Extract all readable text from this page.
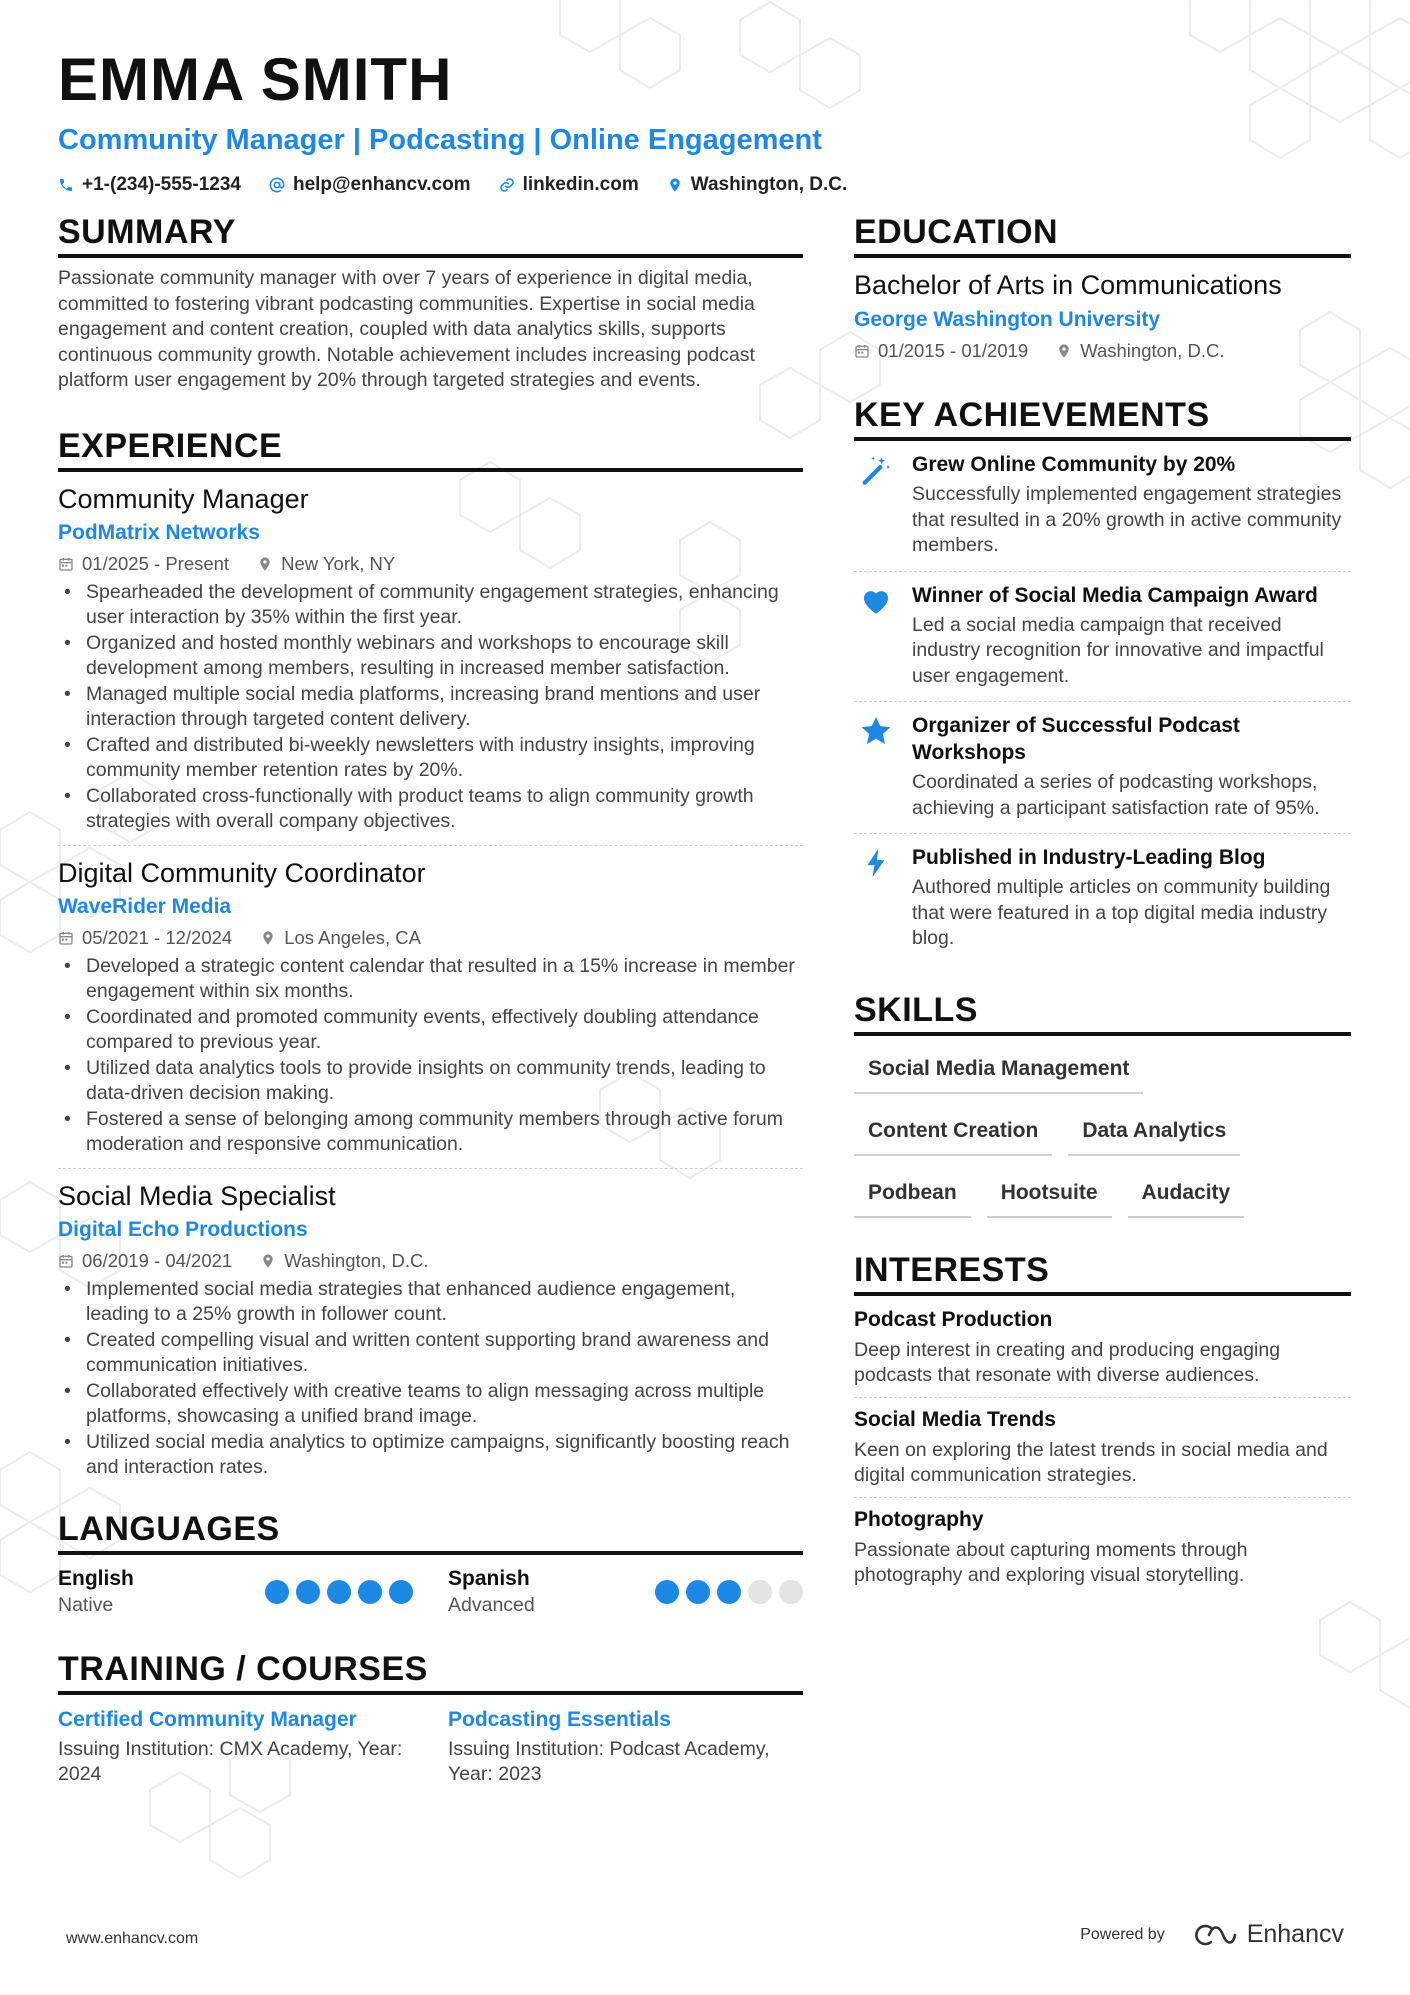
EMMA SMITH
Community Manager | Podcasting | Online Engagement
+1-(234)-555-1234	help@enhancv.com	linkedin.com	Washington, D.C.
SUMMARY

Passionate community manager with over 7 years of experience in digital media, committed to fostering vibrant podcasting communities. Expertise in social media engagement and content creation, coupled with data analytics skills, supports continuous community growth. Notable achievement includes increasing podcast platform user engagement by 20% through targeted strategies and events.

EXPERIENCE
Community Manager
PodMatrix Networks
01/2025 - Present	New York, NY
• Spearheaded the development of community engagement strategies, enhancing user interaction by 35% within the first year.
• Organized and hosted monthly webinars and workshops to encourage skill development among members, resulting in increased member satisfaction.
• Managed multiple social media platforms, increasing brand mentions and user interaction through targeted content delivery.
• Crafted and distributed bi-weekly newsletters with industry insights, improving community member retention rates by 20%.
• Collaborated cross-functionally with product teams to align community growth strategies with overall company objectives.
Digital Community Coordinator
WaveRider Media
05/2021 - 12/2024	Los Angeles, CA
• Developed a strategic content calendar that resulted in a 15% increase in member engagement within six months.
• Coordinated and promoted community events, effectively doubling attendance compared to previous year.
• Utilized data analytics tools to provide insights on community trends, leading to data-driven decision making.
• Fostered a sense of belonging among community members through active forum moderation and responsive communication.
Social Media Specialist
Digital Echo Productions
06/2019 - 04/2021	Washington, D.C.
• Implemented social media strategies that enhanced audience engagement, leading to a 25% growth in follower count.
• Created compelling visual and written content supporting brand awareness and communication initiatives.
• Collaborated effectively with creative teams to align messaging across multiple platforms, showcasing a unified brand image.
• Utilized social media analytics to optimize campaigns, significantly boosting reach and interaction rates.
LANGUAGES
English
Native
Spanish
Advanced
TRAINING / COURSES
Certified Community Manager
Issuing Institution: CMX Academy, Year: 2024
Podcasting Essentials
Issuing Institution: Podcast Academy, Year: 2023
EDUCATION
Bachelor of Arts in Communications
George Washington University
01/2015 - 01/2019	Washington, D.C.
KEY ACHIEVEMENTS
Grew Online Community by 20%
Successfully implemented engagement strategies that resulted in a 20% growth in active community members.
Winner of Social Media Campaign Award
Led a social media campaign that received industry recognition for innovative and impactful user engagement.
Organizer of Successful Podcast Workshops
Coordinated a series of podcasting workshops, achieving a participant satisfaction rate of 95%.
Published in Industry-Leading Blog
Authored multiple articles on community building that were featured in a top digital media industry blog.
SKILLS
Social Media Management
Content Creation	Data Analytics
Podbean	Hootsuite	Audacity
INTERESTS
Podcast Production
Deep interest in creating and producing engaging podcasts that resonate with diverse audiences.
Social Media Trends
Keen on exploring the latest trends in social media and digital communication strategies.
Photography
Passionate about capturing moments through photography and exploring visual storytelling.
www.enhancv.com	Powered by	Enhancv
